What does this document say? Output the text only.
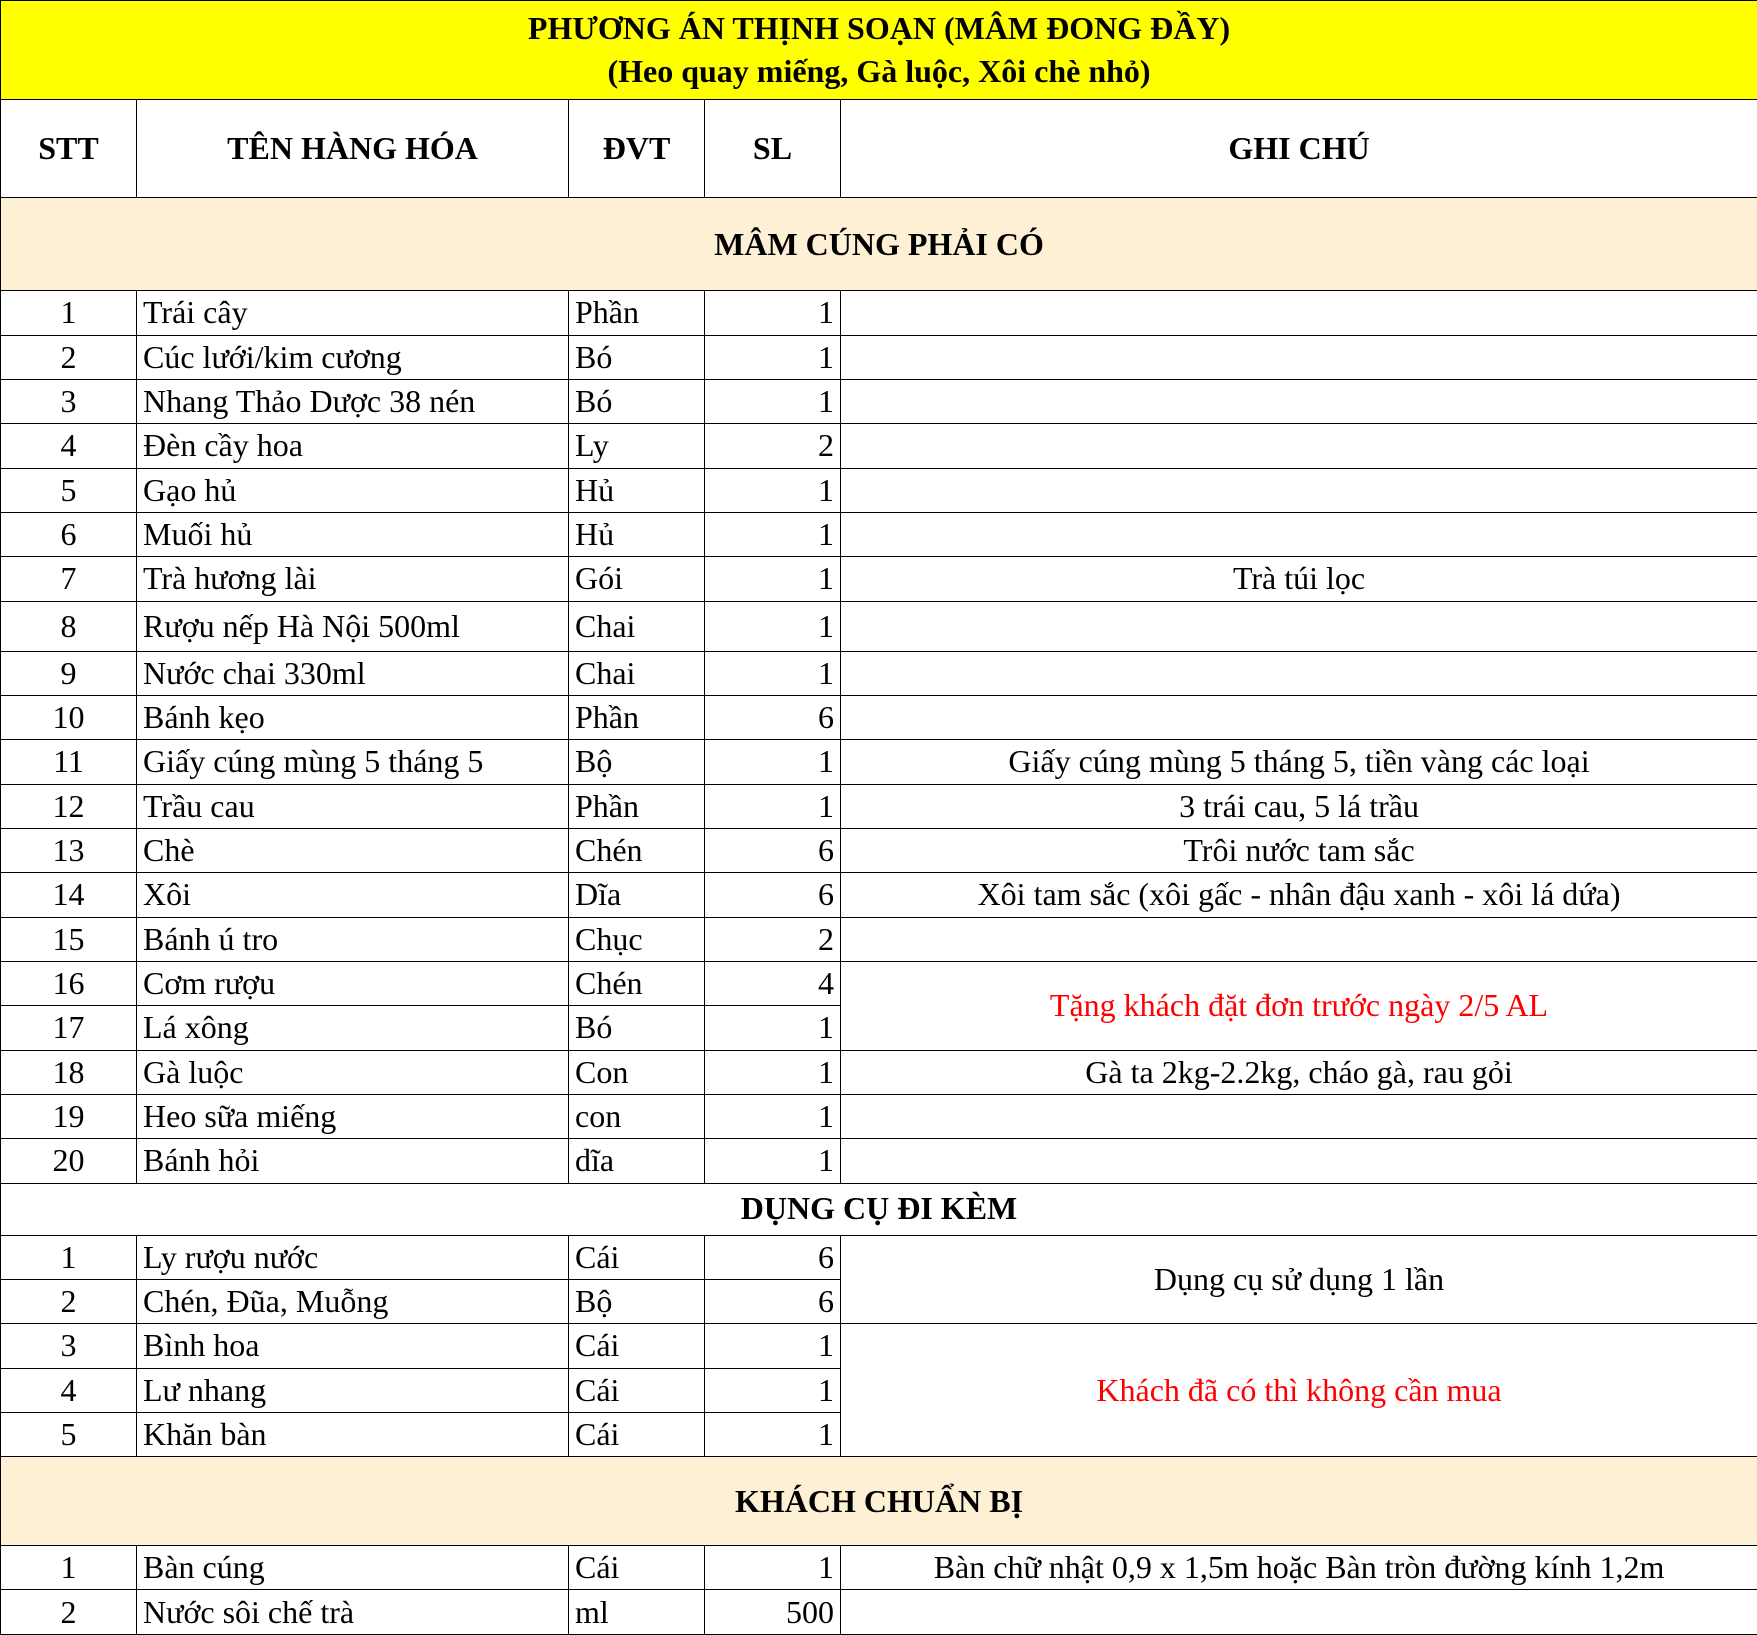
PHƯƠNG ÁN THỊNH SOẠN (MÂM ĐONG ĐẦY)
(Heo quay miếng, Gà luộc, Xôi chè nhỏ)				

STT	TÊN HÀNG HÓA	ĐVT	SL	GHI CHÚ
MÂM CÚNG PHẢI CÓ				
1	Trái cây	Phần	1	
2	Cúc lưới/kim cương	Bó	1	
3	Nhang Thảo Dược 38 nén	Bó	1	
4	Đèn cầy hoa	Ly	2	
5	Gạo hủ	Hủ	1	
6	Muối hủ	Hủ	1	
7	Trà hương lài	Gói	1	Trà túi lọc
8	Rượu nếp Hà Nội 500ml	Chai	1	
9	Nước chai 330ml	Chai	1	
10	Bánh kẹo	Phần	6	
11	Giấy cúng mùng 5 tháng 5	Bộ	1	Giấy cúng mùng 5 tháng 5, tiền vàng các loại
12	Trầu cau	Phần	1	3 trái cau, 5 lá trầu
13	Chè	Chén	6	Trôi nước tam sắc
14	Xôi	Dĩa	6	Xôi tam sắc (xôi gấc - nhân đậu xanh - xôi lá dứa)
15	Bánh ú tro	Chục	2	
16	Cơm rượu	Chén	4	Tặng khách đặt đơn trước ngày 2/5 AL
17	Lá xông	Bó	1	
18	Gà luộc	Con	1	Gà ta 2kg-2.2kg, cháo gà, rau gỏi
19	Heo sữa miếng	con	1	
20	Bánh hỏi	dĩa	1	
DỤNG CỤ ĐI KÈM				
1	Ly rượu nước	Cái	6	Dụng cụ sử dụng 1 lần
2	Chén, Đũa, Muỗng	Bộ	6	
3	Bình hoa	Cái	1	Khách đã có thì không cần mua
4	Lư nhang	Cái	1	
5	Khăn bàn	Cái	1	
KHÁCH CHUẨN BỊ				
1	Bàn cúng	Cái	1	Bàn chữ nhật 0,9 x 1,5m hoặc Bàn tròn đường kính 1,2m
2	Nước sôi chế trà	ml	500	
